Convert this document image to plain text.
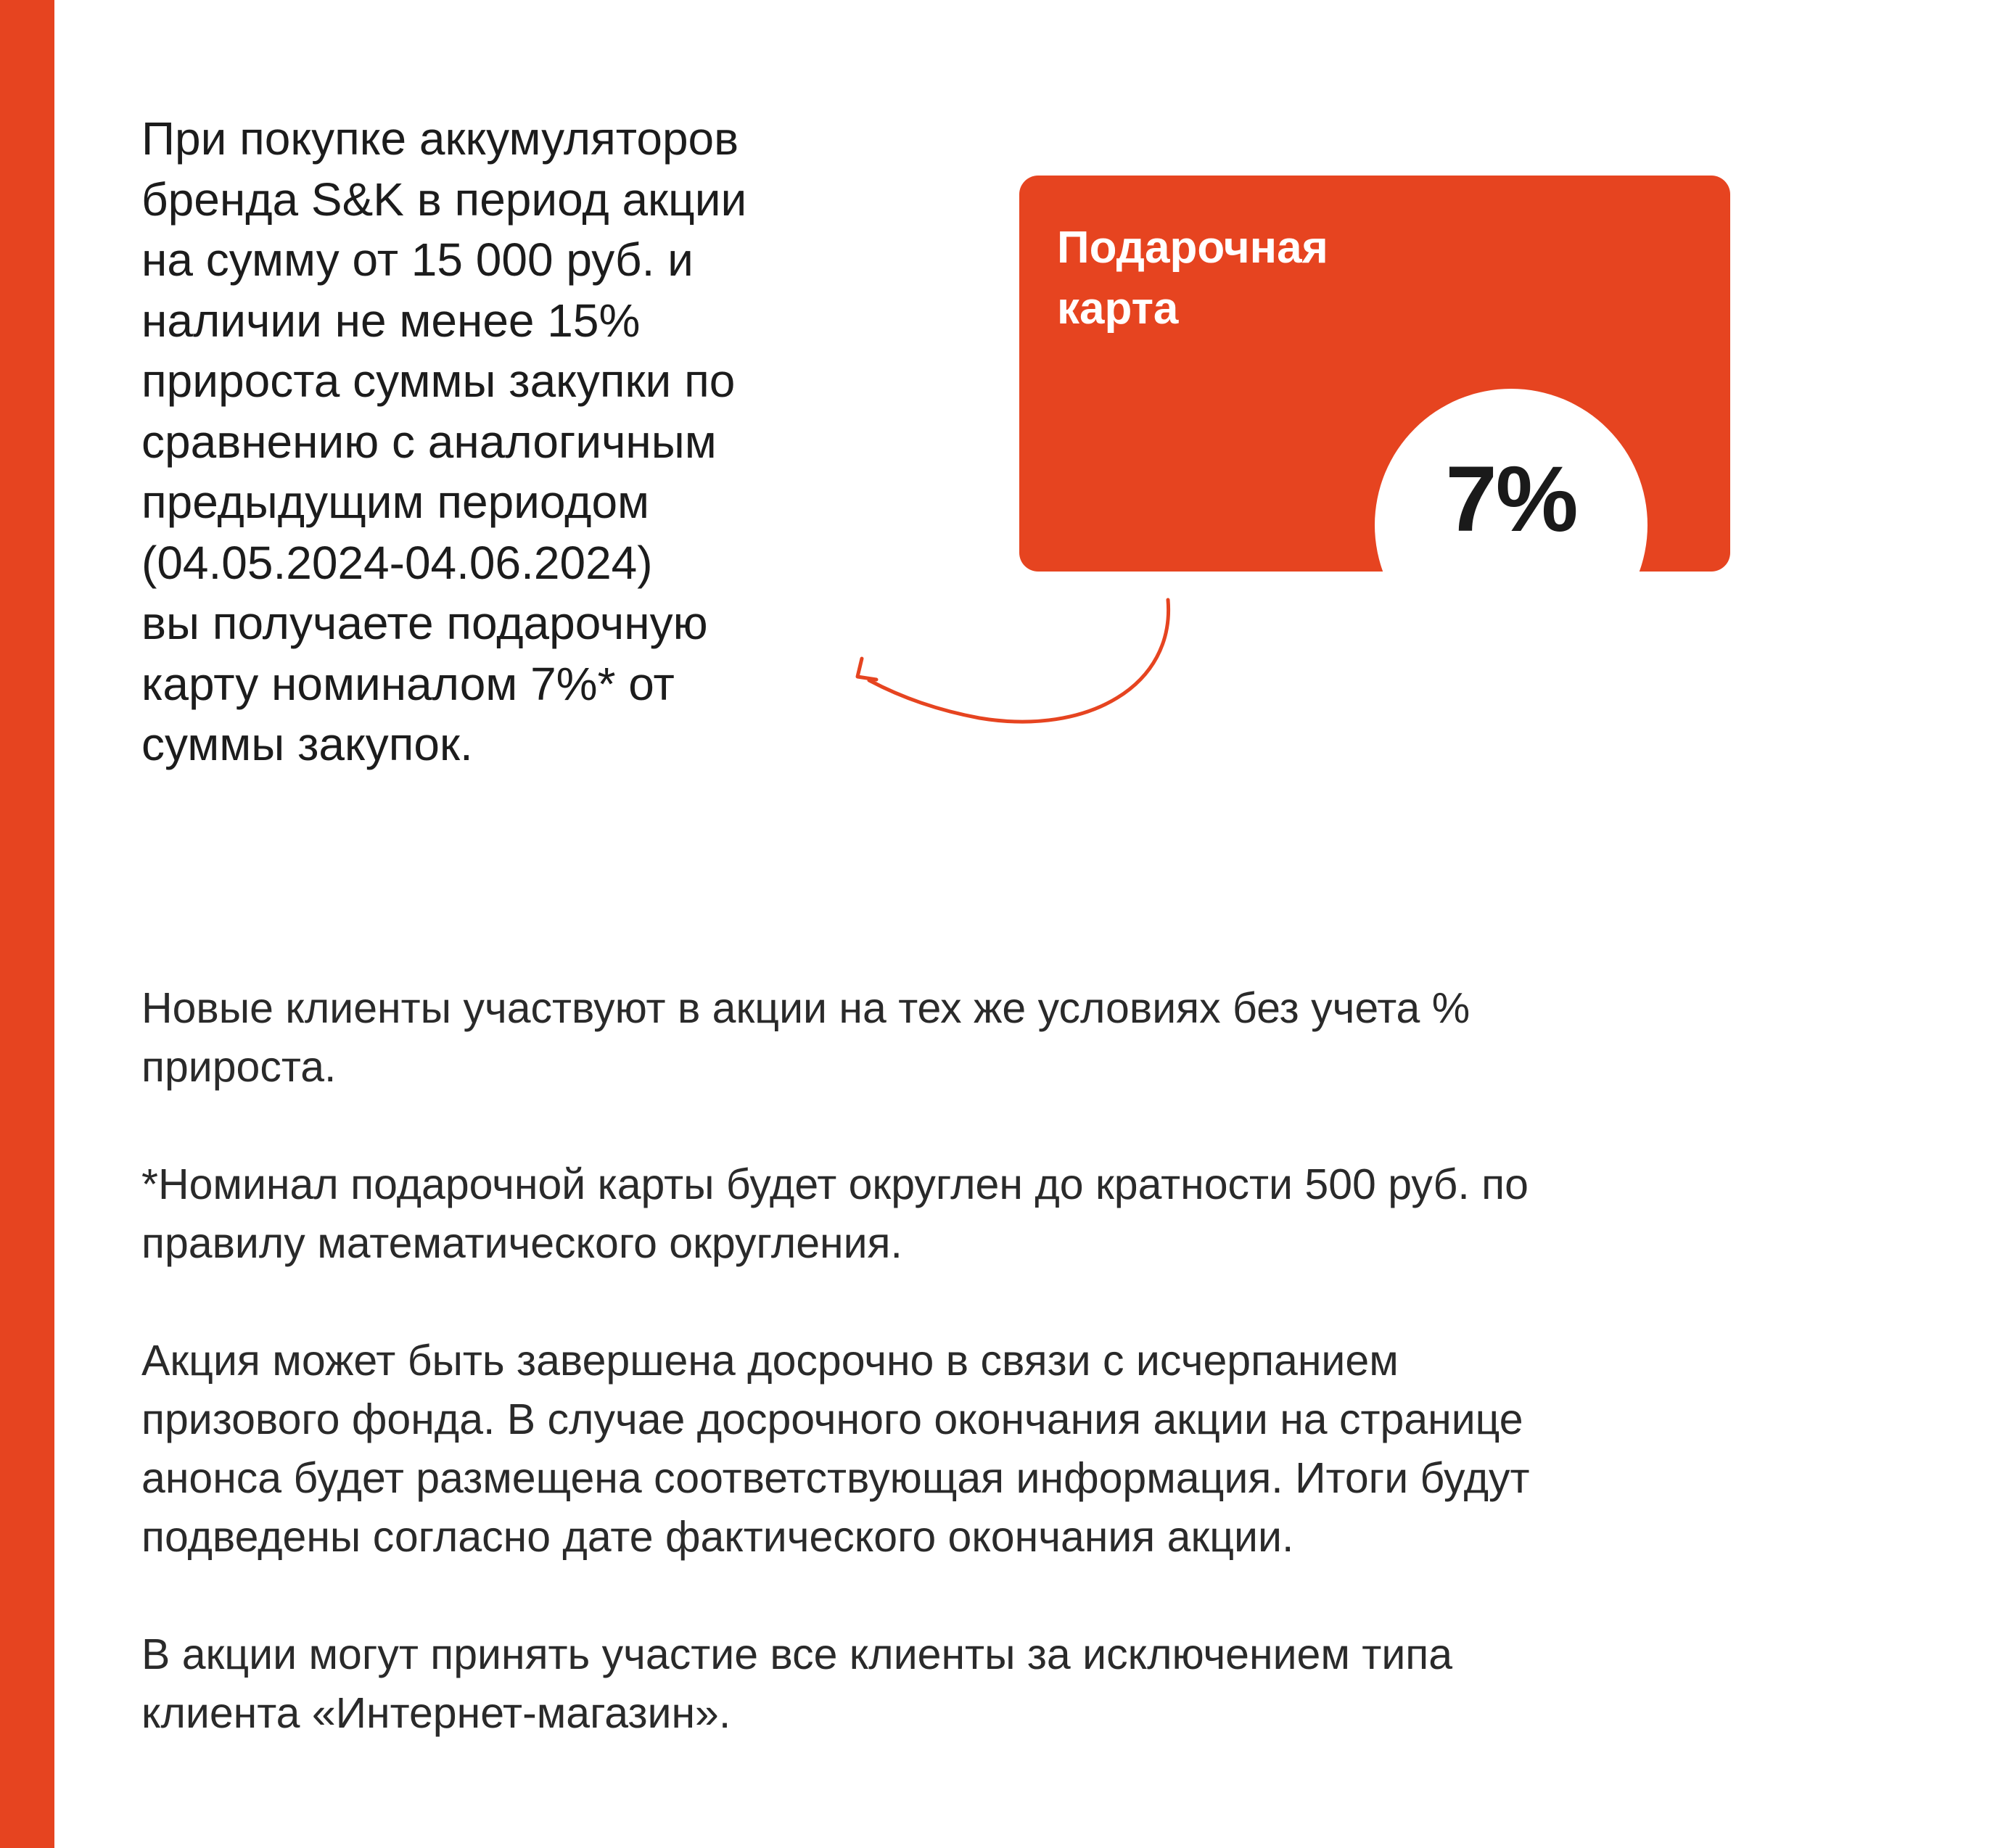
При покупке аккумуляторов
бренда S&K в период акции
на сумму от 15 000 руб. и
наличии не менее 15%
прироста суммы закупки по
сравнению с аналогичным
предыдущим периодом
(04.05.2024-04.06.2024)
вы получаете подарочную
карту номиналом 7%* от
суммы закупок.
Подарочная
карта
7%

Новые клиенты участвуют в акции на тех же условиях без учета %
прироста.

*Номинал подарочной карты будет округлен до кратности 500 руб. по
правилу математического округления.

Акция может быть завершена досрочно в связи с исчерпанием
призового фонда. В случае досрочного окончания акции на странице
анонса будет размещена соответствующая информация. Итоги будут
подведены согласно дате фактического окончания акции.

В акции могут принять участие все клиенты за исключением типа
клиента «Интернет-магазин».
